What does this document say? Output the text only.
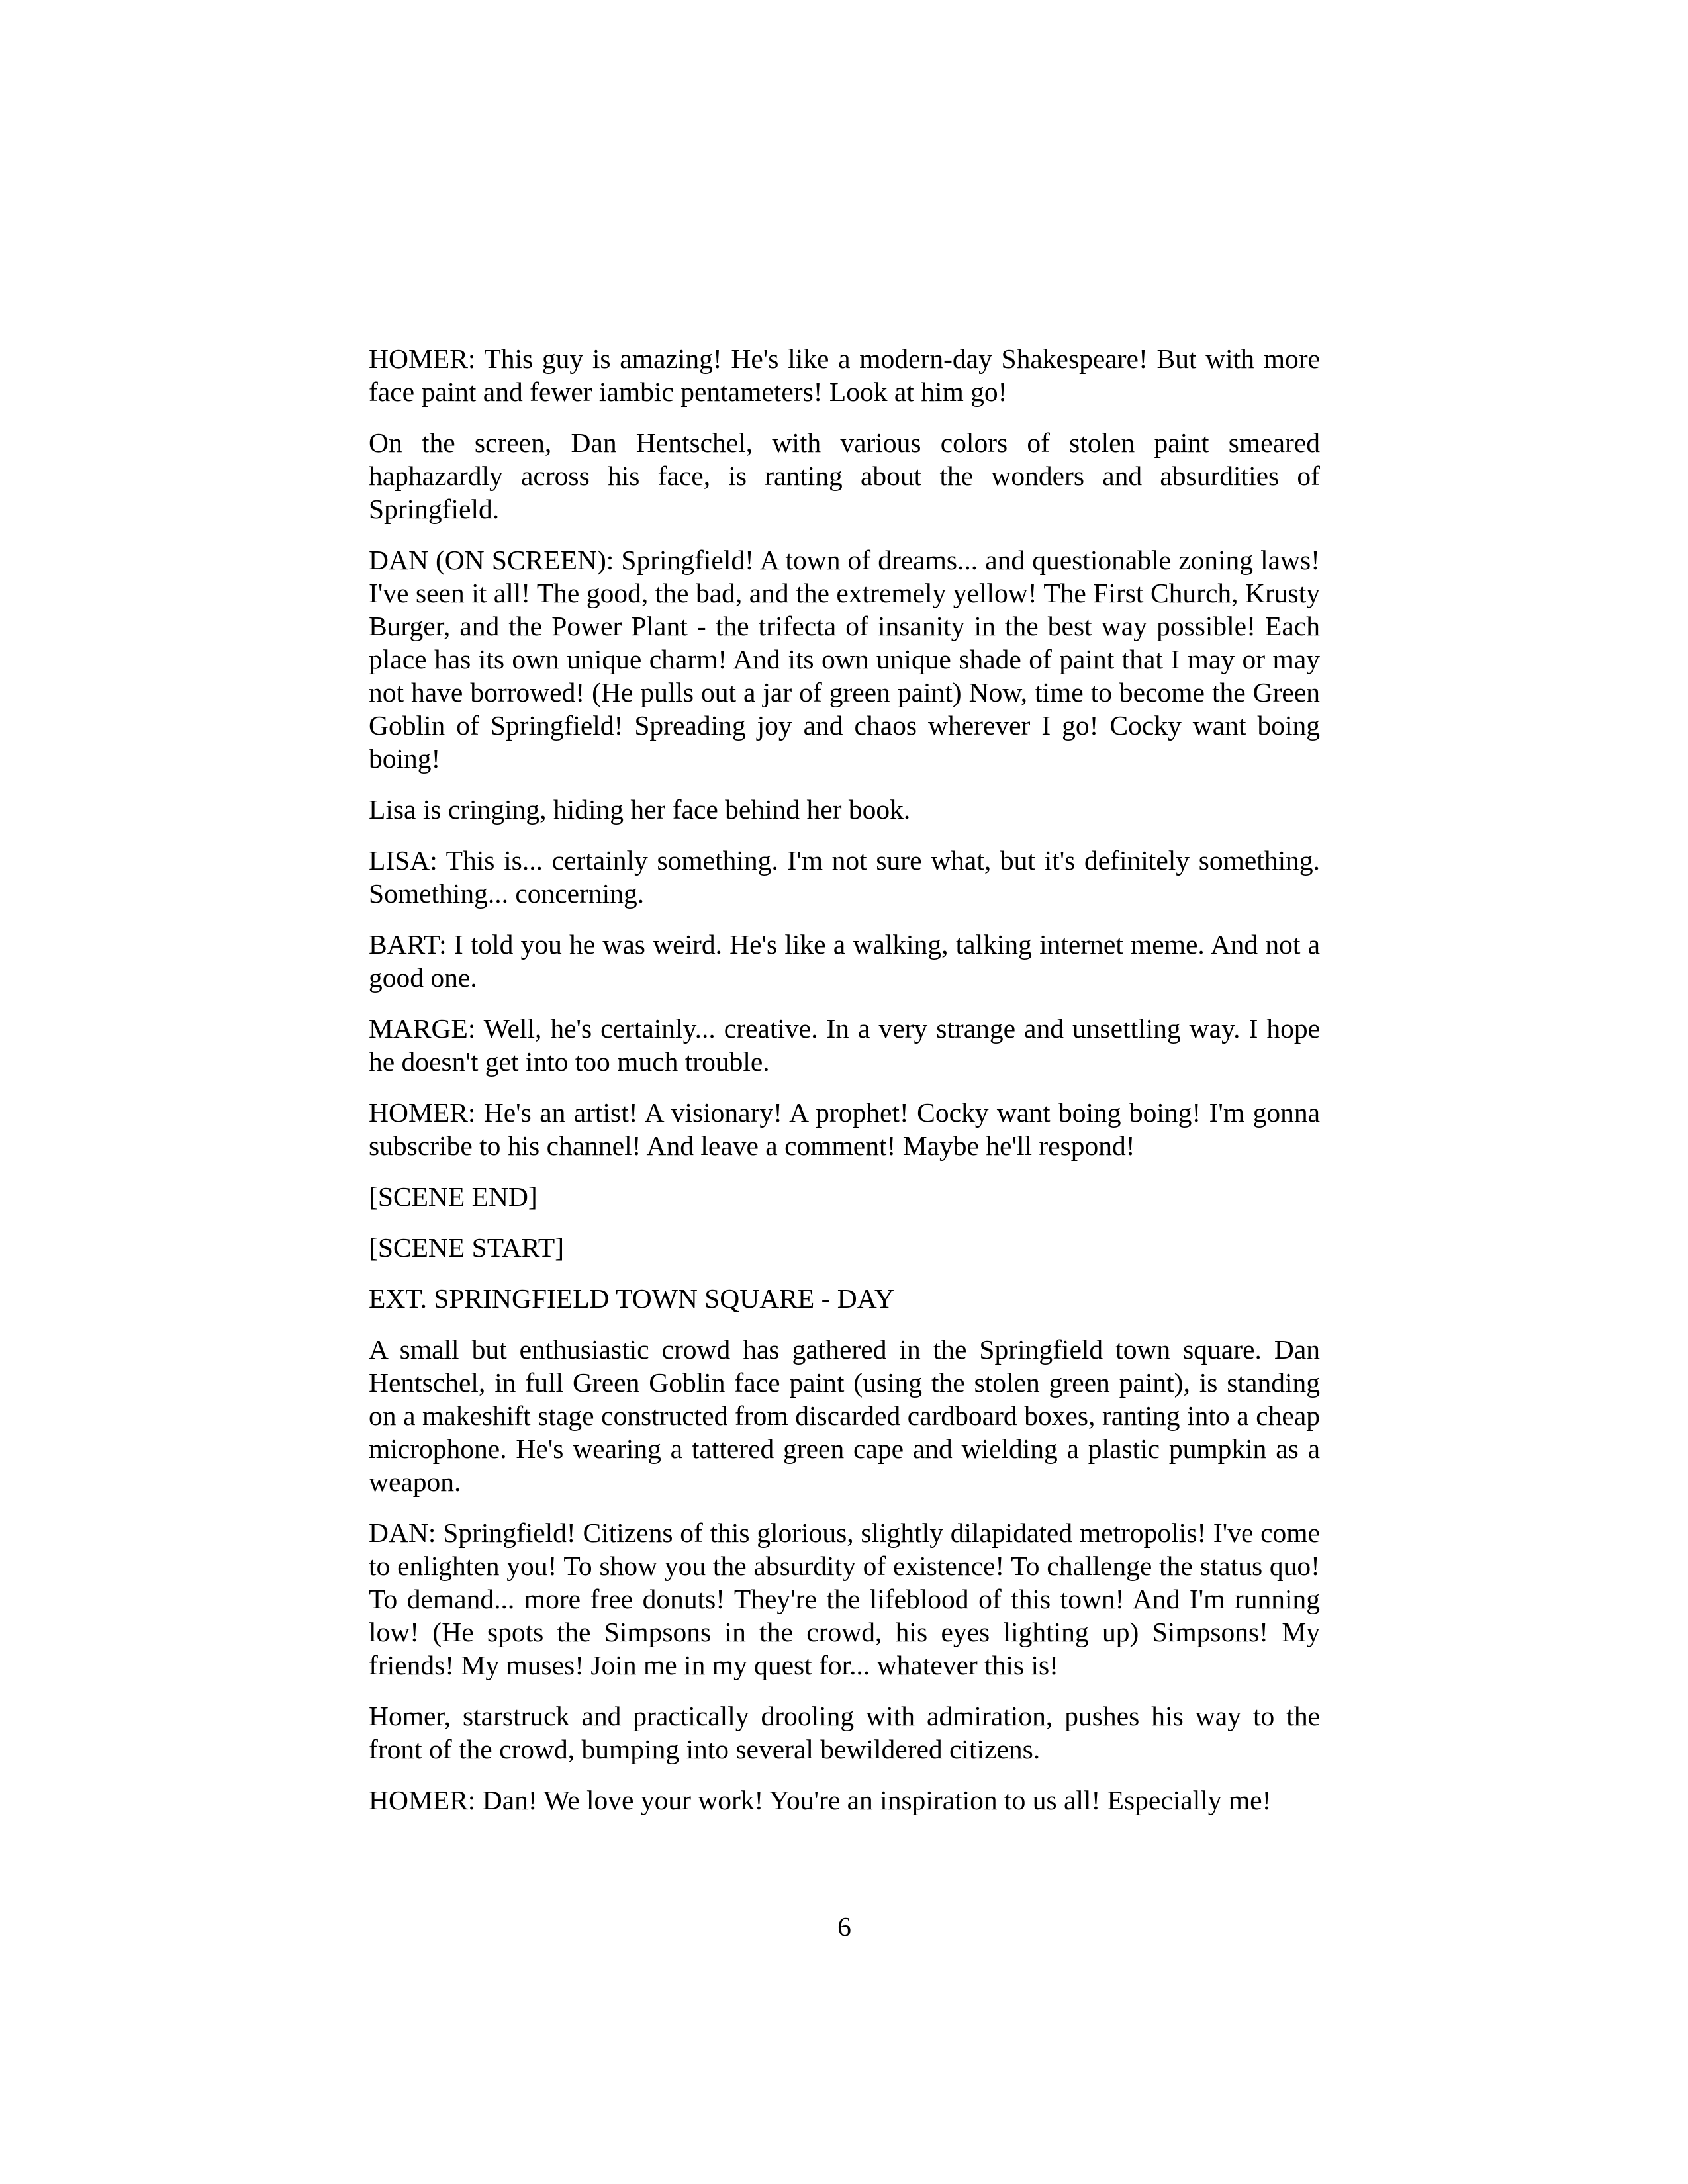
HOMER: This guy is amazing! He's like a modern-day Shakespeare! But with more face paint and fewer iambic pentameters! Look at him go!

On the screen, Dan Hentschel, with various colors of stolen paint smeared haphazardly across his face, is ranting about the wonders and absurdities of Springfield.

DAN (ON SCREEN): Springfield! A town of dreams... and questionable zoning laws! I've seen it all! The good, the bad, and the extremely yellow! The First Church, Krusty Burger, and the Power Plant - the trifecta of insanity in the best way possible! Each place has its own unique charm! And its own unique shade of paint that I may or may not have borrowed! (He pulls out a jar of green paint) Now, time to become the Green Goblin of Springfield! Spreading joy and chaos wherever I go! Cocky want boing boing!

Lisa is cringing, hiding her face behind her book.

LISA: This is... certainly something. I'm not sure what, but it's definitely something. Something... concerning.

BART: I told you he was weird. He's like a walking, talking internet meme. And not a good one.

MARGE: Well, he's certainly... creative. In a very strange and unsettling way. I hope he doesn't get into too much trouble.

HOMER: He's an artist! A visionary! A prophet! Cocky want boing boing! I'm gonna subscribe to his channel! And leave a comment! Maybe he'll respond!

[SCENE END]

[SCENE START]

EXT. SPRINGFIELD TOWN SQUARE - DAY

A small but enthusiastic crowd has gathered in the Springfield town square. Dan Hentschel, in full Green Goblin face paint (using the stolen green paint), is standing on a makeshift stage constructed from discarded cardboard boxes, ranting into a cheap microphone. He's wearing a tattered green cape and wielding a plastic pumpkin as a weapon.

DAN: Springfield! Citizens of this glorious, slightly dilapidated metropolis! I've come to enlighten you! To show you the absurdity of existence! To challenge the status quo! To demand... more free donuts! They're the lifeblood of this town! And I'm running low! (He spots the Simpsons in the crowd, his eyes lighting up) Simpsons! My friends! My muses! Join me in my quest for... whatever this is!

Homer, starstruck and practically drooling with admiration, pushes his way to the front of the crowd, bumping into several bewildered citizens.

HOMER: Dan! We love your work! You're an inspiration to us all! Especially me!

6
